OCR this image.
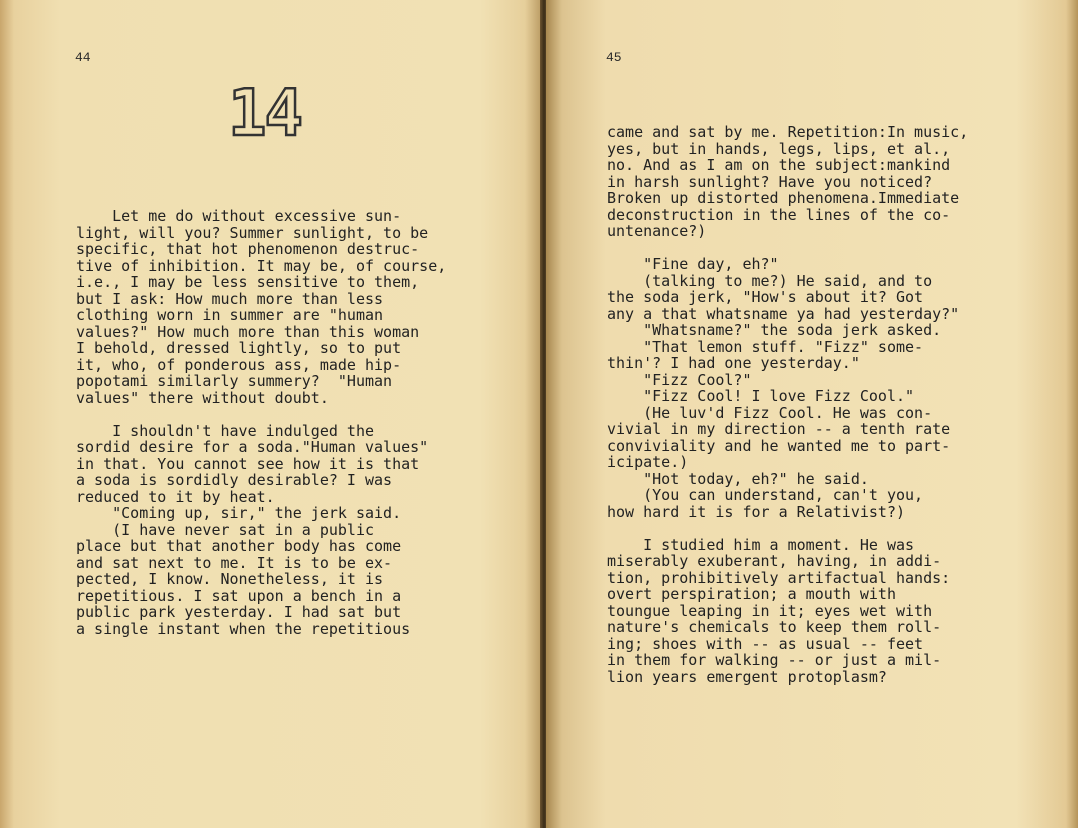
44
14
Let me do without excessive sun-
light, will you? Summer sunlight, to be
specific, that hot phenomenon destruc-
tive of inhibition. It may be, of course,
i.e., I may be less sensitive to them,
but I ask: How much more than less
clothing worn in summer are "human
values?" How much more than this woman
I behold, dressed lightly, so to put
it, who, of ponderous ass, made hip-
popotami similarly summery?  "Human
values" there without doubt.

I shouldn't have indulged the
sordid desire for a soda."Human values"
in that. You cannot see how it is that
a soda is sordidly desirable? I was
reduced to it by heat.
"Coming up, sir," the jerk said.
(I have never sat in a public
place but that another body has come
and sat next to me. It is to be ex-
pected, I know. Nonetheless, it is
repetitious. I sat upon a bench in a
public park yesterday. I had sat but
a single instant when the repetitious
45
came and sat by me. Repetition:In music,
yes, but in hands, legs, lips, et al.,
no. And as I am on the subject:mankind
in harsh sunlight? Have you noticed?
Broken up distorted phenomena.Immediate
deconstruction in the lines of the co-
untenance?)

"Fine day, eh?"
(talking to me?) He said, and to
the soda jerk, "How's about it? Got
any a that whatsname ya had yesterday?"
"Whatsname?" the soda jerk asked.
"That lemon stuff. "Fizz" some-
thin'? I had one yesterday."
"Fizz Cool?"
"Fizz Cool! I love Fizz Cool."
(He luv'd Fizz Cool. He was con-
vivial in my direction -- a tenth rate
conviviality and he wanted me to part-
icipate.)
"Hot today, eh?" he said.
(You can understand, can't you,
how hard it is for a Relativist?)

I studied him a moment. He was
miserably exuberant, having, in addi-
tion, prohibitively artifactual hands:
overt perspiration; a mouth with
toungue leaping in it; eyes wet with
nature's chemicals to keep them roll-
ing; shoes with -- as usual -- feet
in them for walking -- or just a mil-
lion years emergent protoplasm?
